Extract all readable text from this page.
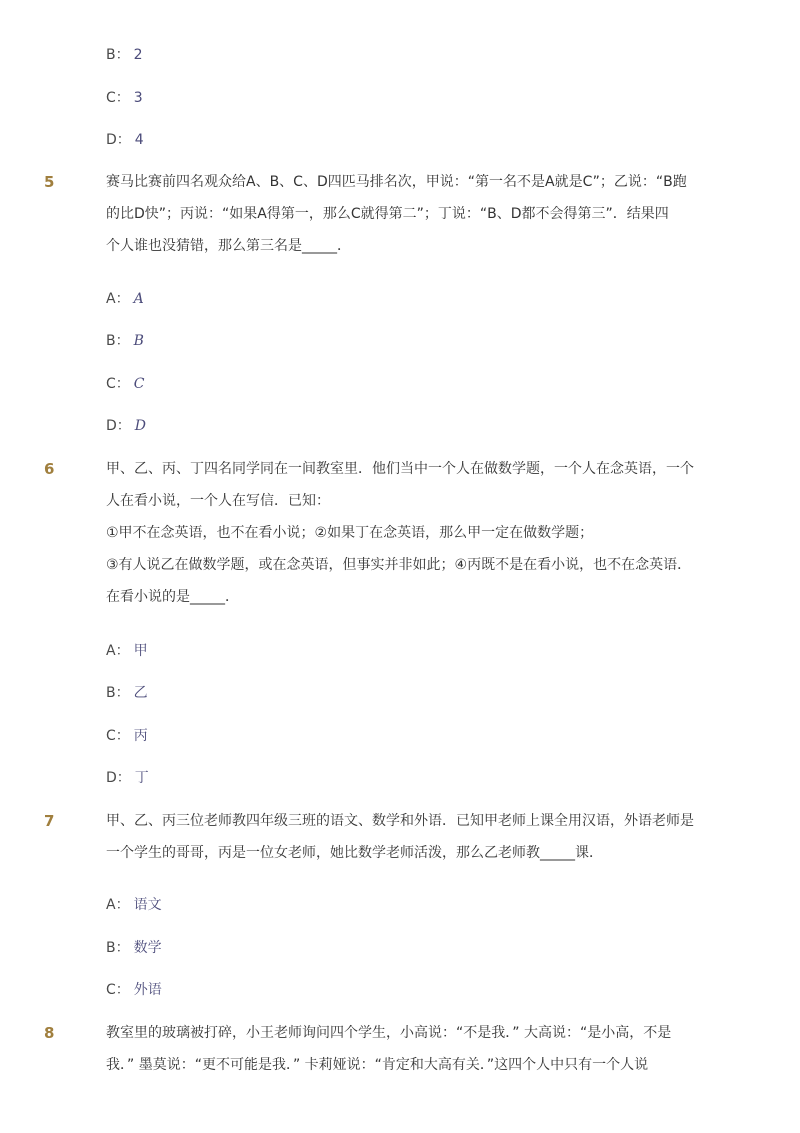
B： 2
C： 3
D： 4
5	赛马比赛前四名观众给A、B、C、D四匹马排名次，甲说：“第一名不是A就是C”；乙说：“B跑

的比D快”；丙说：“如果A得第一，那么C就得第二”；丁说：“B、D都不会得第三”．结果四

个人谁也没猜错，那么第三名是_____．

A： A
B： B
C： C
D： D
6	甲、乙、丙、丁四名同学同在一间教室里．他们当中一个人在做数学题，一个人在念英语，一个

人在看小说，一个人在写信．已知：

①甲不在念英语，也不在看小说；②如果丁在念英语，那么甲一定在做数学题；

③有人说乙在做数学题，或在念英语，但事实并非如此；④丙既不是在看小说，也不在念英语．

在看小说的是_____．

A： 甲
B： 乙
C： 丙
D： 丁
7	甲、乙、丙三位老师教四年级三班的语文、数学和外语．已知甲老师上课全用汉语，外语老师是

一个学生的哥哥，丙是一位女老师，她比数学老师活泼，那么乙老师教_____课．

A： 语文
B： 数学
C： 外语
8	教室里的玻璃被打碎，小王老师询问四个学生，小高说：“不是我．” 大高说：“是小高，不是

我．” 墨莫说：“更不可能是我．” 卡莉娅说：“肯定和大高有关．”这四个人中只有一个人说
